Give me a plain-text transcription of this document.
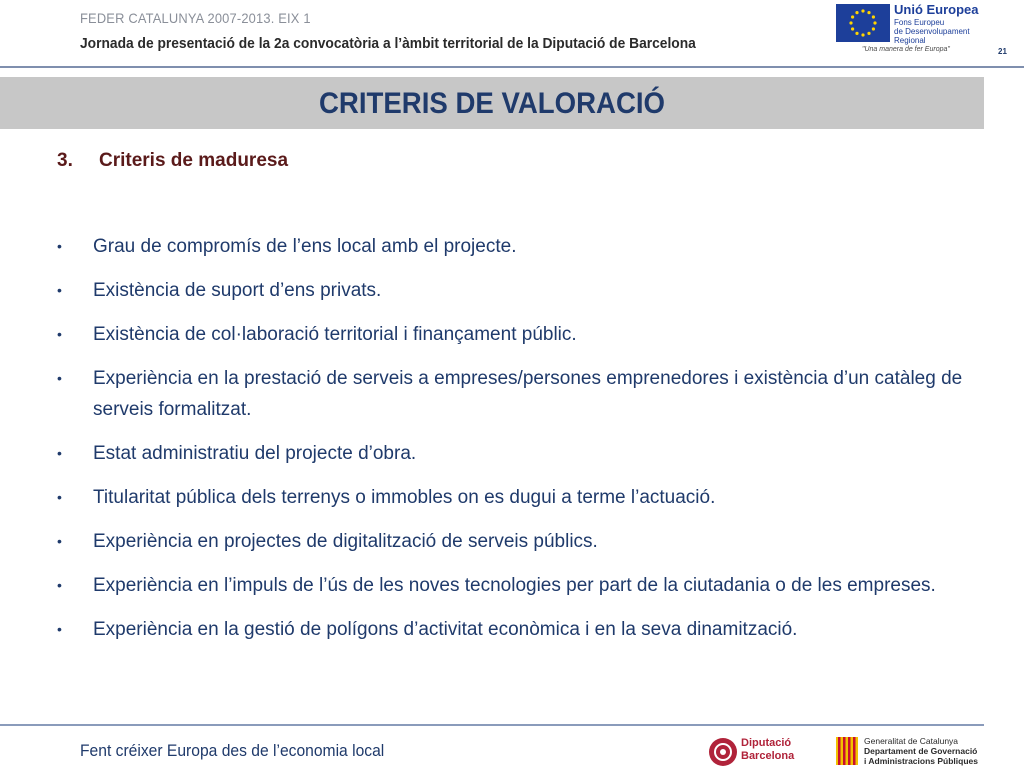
FEDER CATALUNYA 2007-2013. EIX 1
Jornada de presentació de la 2a convocatòria a l’àmbit territorial de la Diputació de Barcelona
Unió Europea
Fons Europeu
de Desenvolupament
Regional
"Una manera de fer Europa"	21
CRITERIS DE VALORACIÓ
3. Criteris de maduresa
• Grau de compromís de l’ens local amb el projecte.
• Existència de suport d’ens privats.
• Existència de col·laboració territorial i finançament públic.
• Experiència en la prestació de serveis a empreses/persones emprenedores i existència d’un catàleg de serveis formalitzat.
• Estat administratiu del projecte d’obra.
• Titularitat pública dels terrenys o immobles on es dugui a terme l’actuació.
• Experiència en projectes de digitalització de serveis públics.
• Experiència en l’impuls de l’ús de les noves tecnologies per part de la ciutadania o de les empreses.
• Experiència en la gestió de polígons d’activitat econòmica i en la seva dinamització.
Fent créixer Europa des de l’economia local	Diputació
Barcelona
Generalitat de Catalunya
Departament de Governació
i Administracions Públiques
